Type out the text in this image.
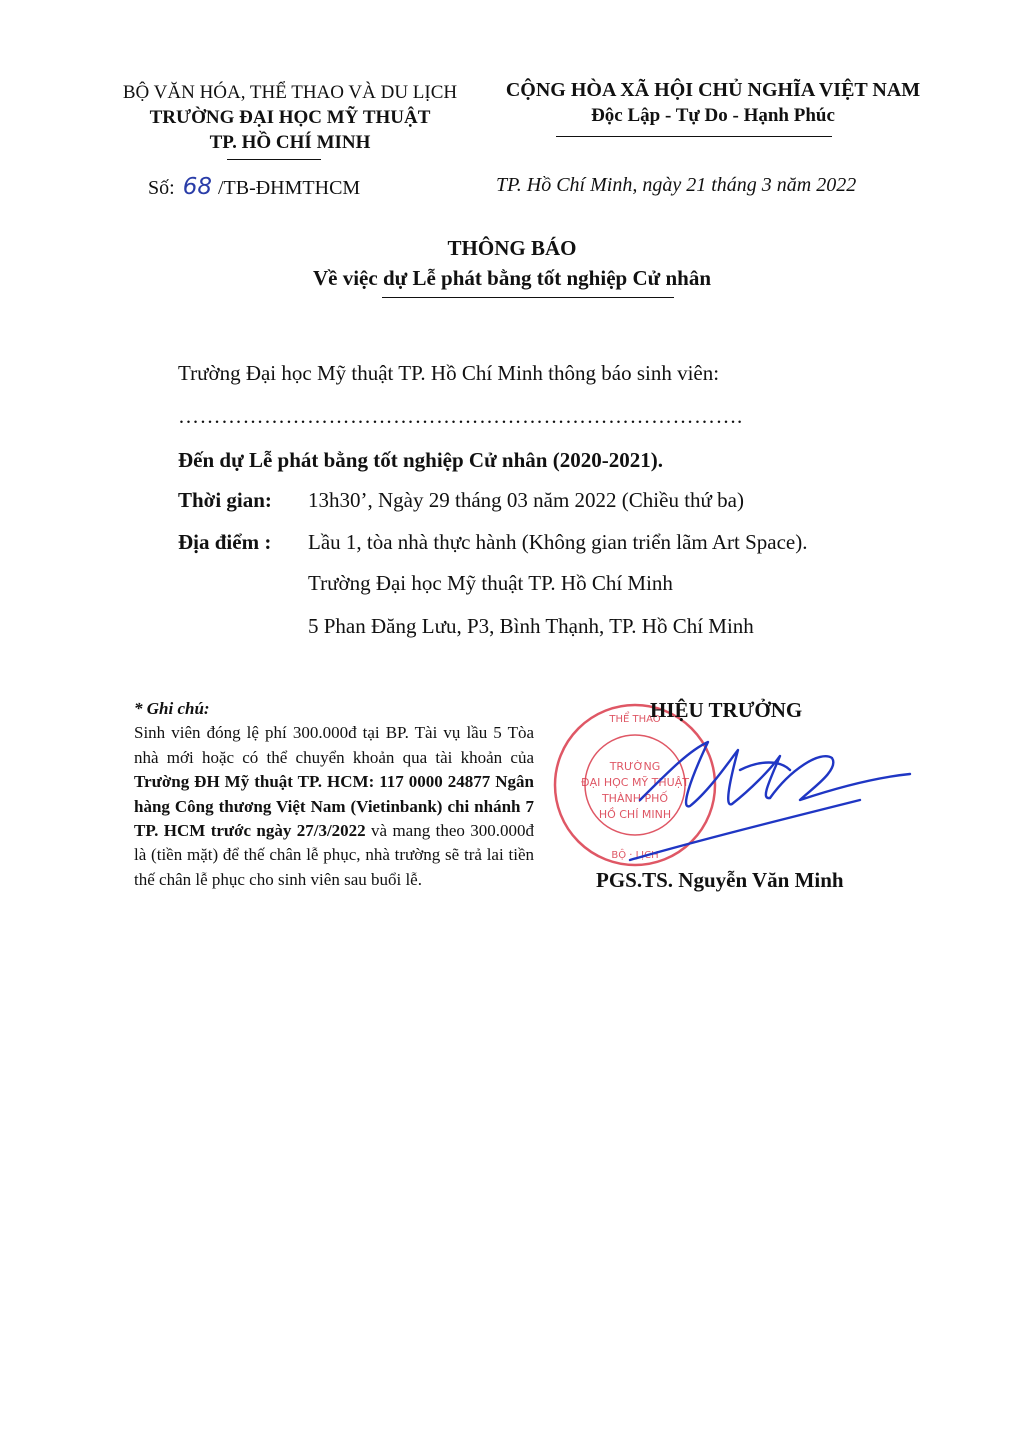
BỘ VĂN HÓA, THỂ THAO VÀ DU LỊCH
TRƯỜNG ĐẠI HỌC MỸ THUẬT
TP. HỒ CHÍ MINH
CỘNG HÒA XÃ HỘI CHỦ NGHĨA VIỆT NAM
Độc Lập - Tự Do - Hạnh Phúc
Số: 68 /TB-ĐHMTHCM	TP. Hồ Chí Minh, ngày 21 tháng 3 năm 2022
THÔNG BÁO
Về việc dự Lễ phát bằng tốt nghiệp Cử nhân
Trường Đại học Mỹ thuật TP. Hồ Chí Minh thông báo sinh viên:
…………………………………………………………………….
Đến dự Lễ phát bằng tốt nghiệp Cử nhân (2020-2021).
Thời gian: 13h30’, Ngày 29 tháng 03 năm 2022 (Chiều thứ ba)
Địa điểm : Lầu 1, tòa nhà thực hành (Không gian triển lãm Art Space).
Trường Đại học Mỹ thuật TP. Hồ Chí Minh
5 Phan Đăng Lưu, P3, Bình Thạnh, TP. Hồ Chí Minh
* Ghi chú:
Sinh viên đóng lệ phí 300.000đ tại BP. Tài vụ lầu 5 Tòa nhà mới hoặc có thể chuyển khoản qua tài khoản của Trường ĐH Mỹ thuật TP. HCM: 117 0000 24877 Ngân hàng Công thương Việt Nam (Vietinbank) chi nhánh 7 TP. HCM trước ngày 27/3/2022 và mang theo 300.000đ là (tiền mặt) để thế chân lễ phục, nhà trường sẽ trả lai tiền thế chân lễ phục cho sinh viên sau buổi lễ.
TRƯỜNG
ĐẠI HỌC MỸ THUẬT
THÀNH PHỐ
HỒ CHÍ MINH
THỂ THAO
BỘ · LỊCH
HIỆU TRƯỞNG
PGS.TS. Nguyễn Văn Minh
